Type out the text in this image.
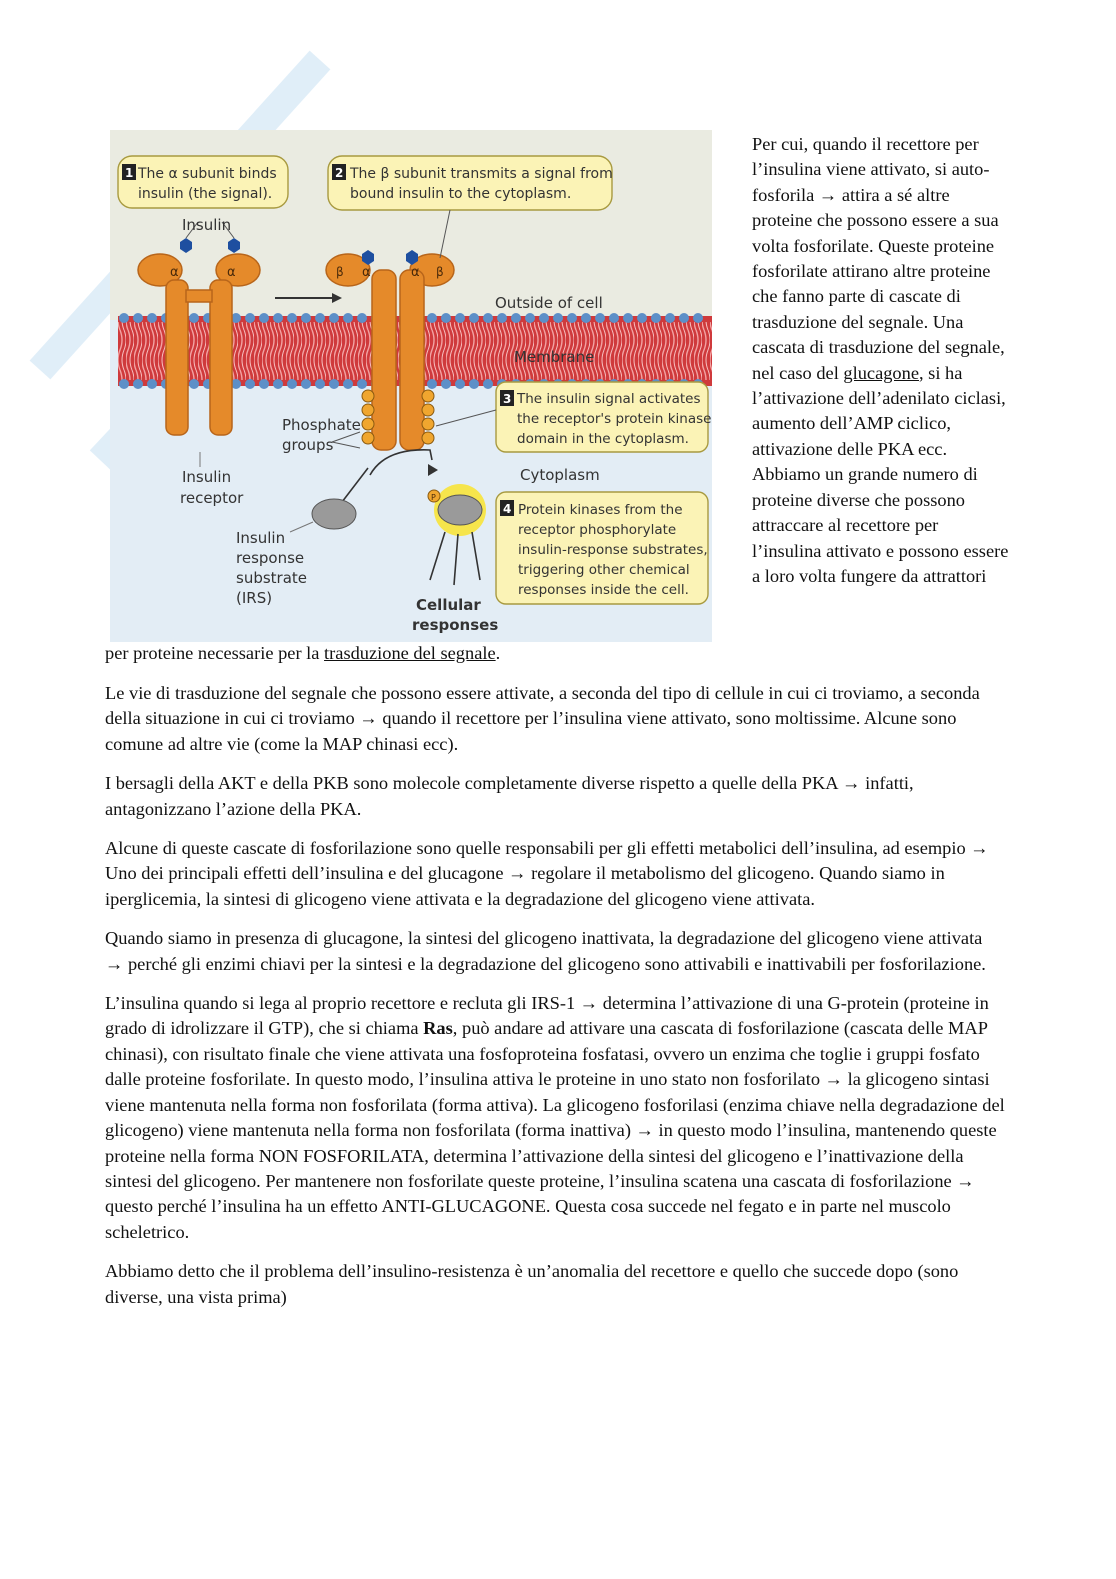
α	α
Insulin
α	α
β	β
Phosphate
groups
Outside of cell
Membrane
Cytoplasm
Insulin
receptor
Insulin
response
substrate
(IRS)	Cellular
responses
1 The α subunit binds
insulin (the signal).
2 The β subunit transmits a signal from
bound insulin to the cytoplasm.
3 The insulin signal activates
the receptor's protein kinase
domain in the cytoplasm.
4 Protein kinases from the
receptor phosphorylate
insulin-response substrates,
triggering other chemical
responses inside the cell.
P

Per cui, quando il recettore per l’insulina viene attivato, si auto-fosforila → attira a sé altre proteine che possono essere a sua volta fosforilate. Queste proteine fosforilate attirano altre proteine che fanno parte di cascate di trasduzione del segnale. Una cascata di trasduzione del segnale, nel caso del glucagone, si ha l’attivazione dell’adenilato ciclasi, aumento dell’AMP ciclico, attivazione delle PKA ecc. Abbiamo un grande numero di proteine diverse che possono attraccare al recettore per l’insulina attivato e possono essere a loro volta fungere da attrattori

per proteine necessarie per la trasduzione del segnale.

Le vie di trasduzione del segnale che possono essere attivate, a seconda del tipo di cellule in cui ci troviamo, a seconda della situazione in cui ci troviamo → quando il recettore per l’insulina viene attivato, sono moltissime. Alcune sono comune ad altre vie (come la MAP chinasi ecc).

I bersagli della AKT e della PKB sono molecole completamente diverse rispetto a quelle della PKA → infatti, antagonizzano l’azione della PKA.

Alcune di queste cascate di fosforilazione sono quelle responsabili per gli effetti metabolici dell’insulina, ad esempio → Uno dei principali effetti dell’insulina e del glucagone → regolare il metabolismo del glicogeno. Quando siamo in iperglicemia, la sintesi di glicogeno viene attivata e la degradazione del glicogeno viene attivata.

Quando siamo in presenza di glucagone, la sintesi del glicogeno inattivata, la degradazione del glicogeno viene attivata → perché gli enzimi chiavi per la sintesi e la degradazione del glicogeno sono attivabili e inattivabili per fosforilazione.

L’insulina quando si lega al proprio recettore e recluta gli IRS-1 → determina l’attivazione di una G-protein (proteine in grado di idrolizzare il GTP), che si chiama Ras, può andare ad attivare una cascata di fosforilazione (cascata delle MAP chinasi), con risultato finale che viene attivata una fosfoproteina fosfatasi, ovvero un enzima che toglie i gruppi fosfato dalle proteine fosforilate. In questo modo, l’insulina attiva le proteine in uno stato non fosforilato → la glicogeno sintasi viene mantenuta nella forma non fosforilata (forma attiva). La glicogeno fosforilasi (enzima chiave nella degradazione del glicogeno) viene mantenuta nella forma non fosforilata (forma inattiva) → in questo modo l’insulina, mantenendo queste proteine nella forma NON FOSFORILATA, determina l’attivazione della sintesi del glicogeno e l’inattivazione della sintesi del glicogeno. Per mantenere non fosforilate queste proteine, l’insulina scatena una cascata di fosforilazione → questo perché l’insulina ha un effetto ANTI-GLUCAGONE. Questa cosa succede nel fegato e in parte nel muscolo scheletrico.

Abbiamo detto che il problema dell’insulino-resistenza è un’anomalia del recettore e quello che succede dopo (sono diverse, una vista prima)
